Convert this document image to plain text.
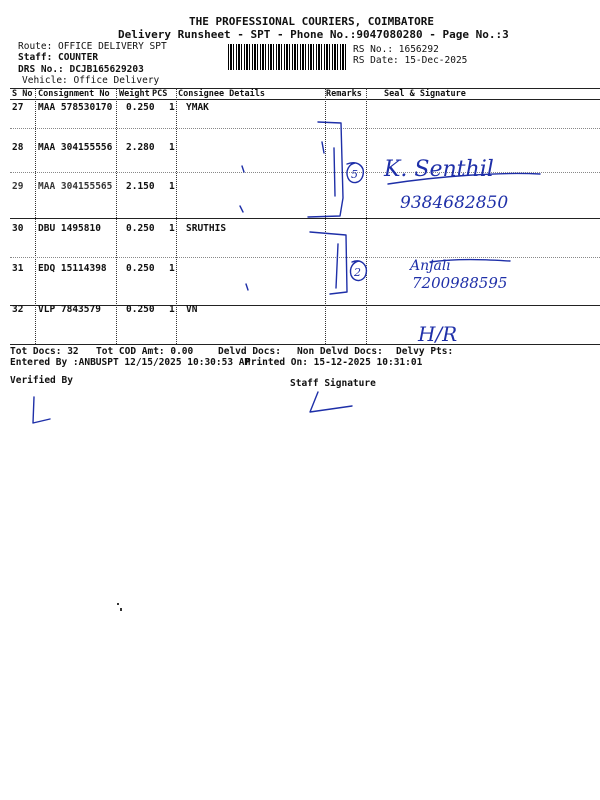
THE PROFESSIONAL COURIERS, COIMBATORE
Delivery Runsheet - SPT - Phone No.:9047080280 - Page No.:3
Route: OFFICE DELIVERY SPT
Staff: COUNTER
DRS No.: DCJB165629203
Vehicle: Office Delivery
RS No.: 1656292
RS Date: 15-Dec-2025
S No Consignment No Weight PCS Consignee Details	Remarks	Seal & Signature
27 MAA 578530170 0.250 1 YMAK
28 MAA 304155556 2.280 1
29 MAA 304155565 2.150 1
30 DBU 1495810	0.250 1 SRUTHIS
31 EDQ 15114398 0.250 1
32 VLP 7843579	0.250 1 VN
Tot Docs: 32 Tot COD Amt: 0.00	Delvd Docs: Non Delvd Docs: Delvy Pts:
Entered By :ANBUSPT 12/15/2025 10:30:53 AM
Printed On: 15-12-2025 10:31:01
Verified By	Staff Signature
5 K. Senthil
9384682850
2	Anjali
7200988595
H/R
